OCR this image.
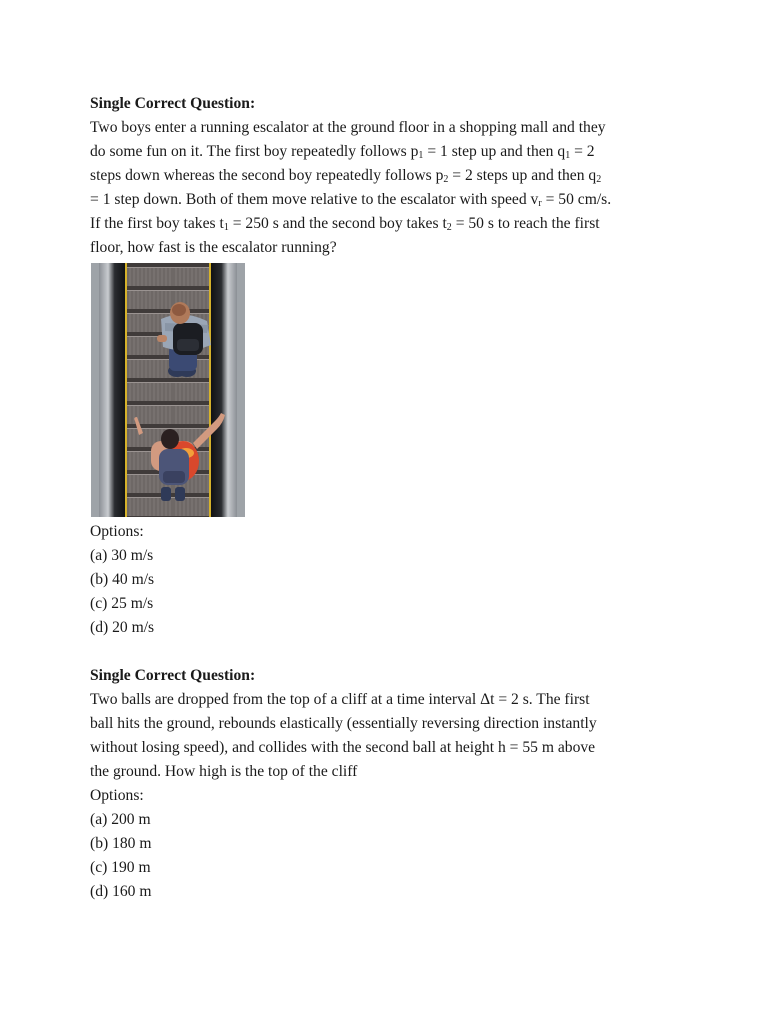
Single Correct Question:

Two boys enter a running escalator at the ground floor in a shopping mall and they

do some fun on it. The first boy repeatedly follows $p_1 = 1$ step up and then $q_1 = 2$

steps down whereas the second boy repeatedly follows $p_2 = 2$ steps up and then $q_2$

= 1 step down. Both of them move relative to the escalator with speed $v_r = 50$ cm/s.

If the first boy takes $t_1 = 250$ s and the second boy takes $t_2 = 50$ s to reach the first

floor, how fast is the escalator running?

Options:

(a) 30 m/s
(b) 40 m/s
(c) 25 m/s
(d) 20 m/s

Single Correct Question:

Two balls are dropped from the top of a cliff at a time interval Δt = 2 s. The first

ball hits the ground, rebounds elastically (essentially reversing direction instantly

without losing speed), and collides with the second ball at height h = 55 m above

the ground. How high is the top of the cliff

Options:

(a) 200 m
(b) 180 m
(c) 190 m
(d) 160 m
